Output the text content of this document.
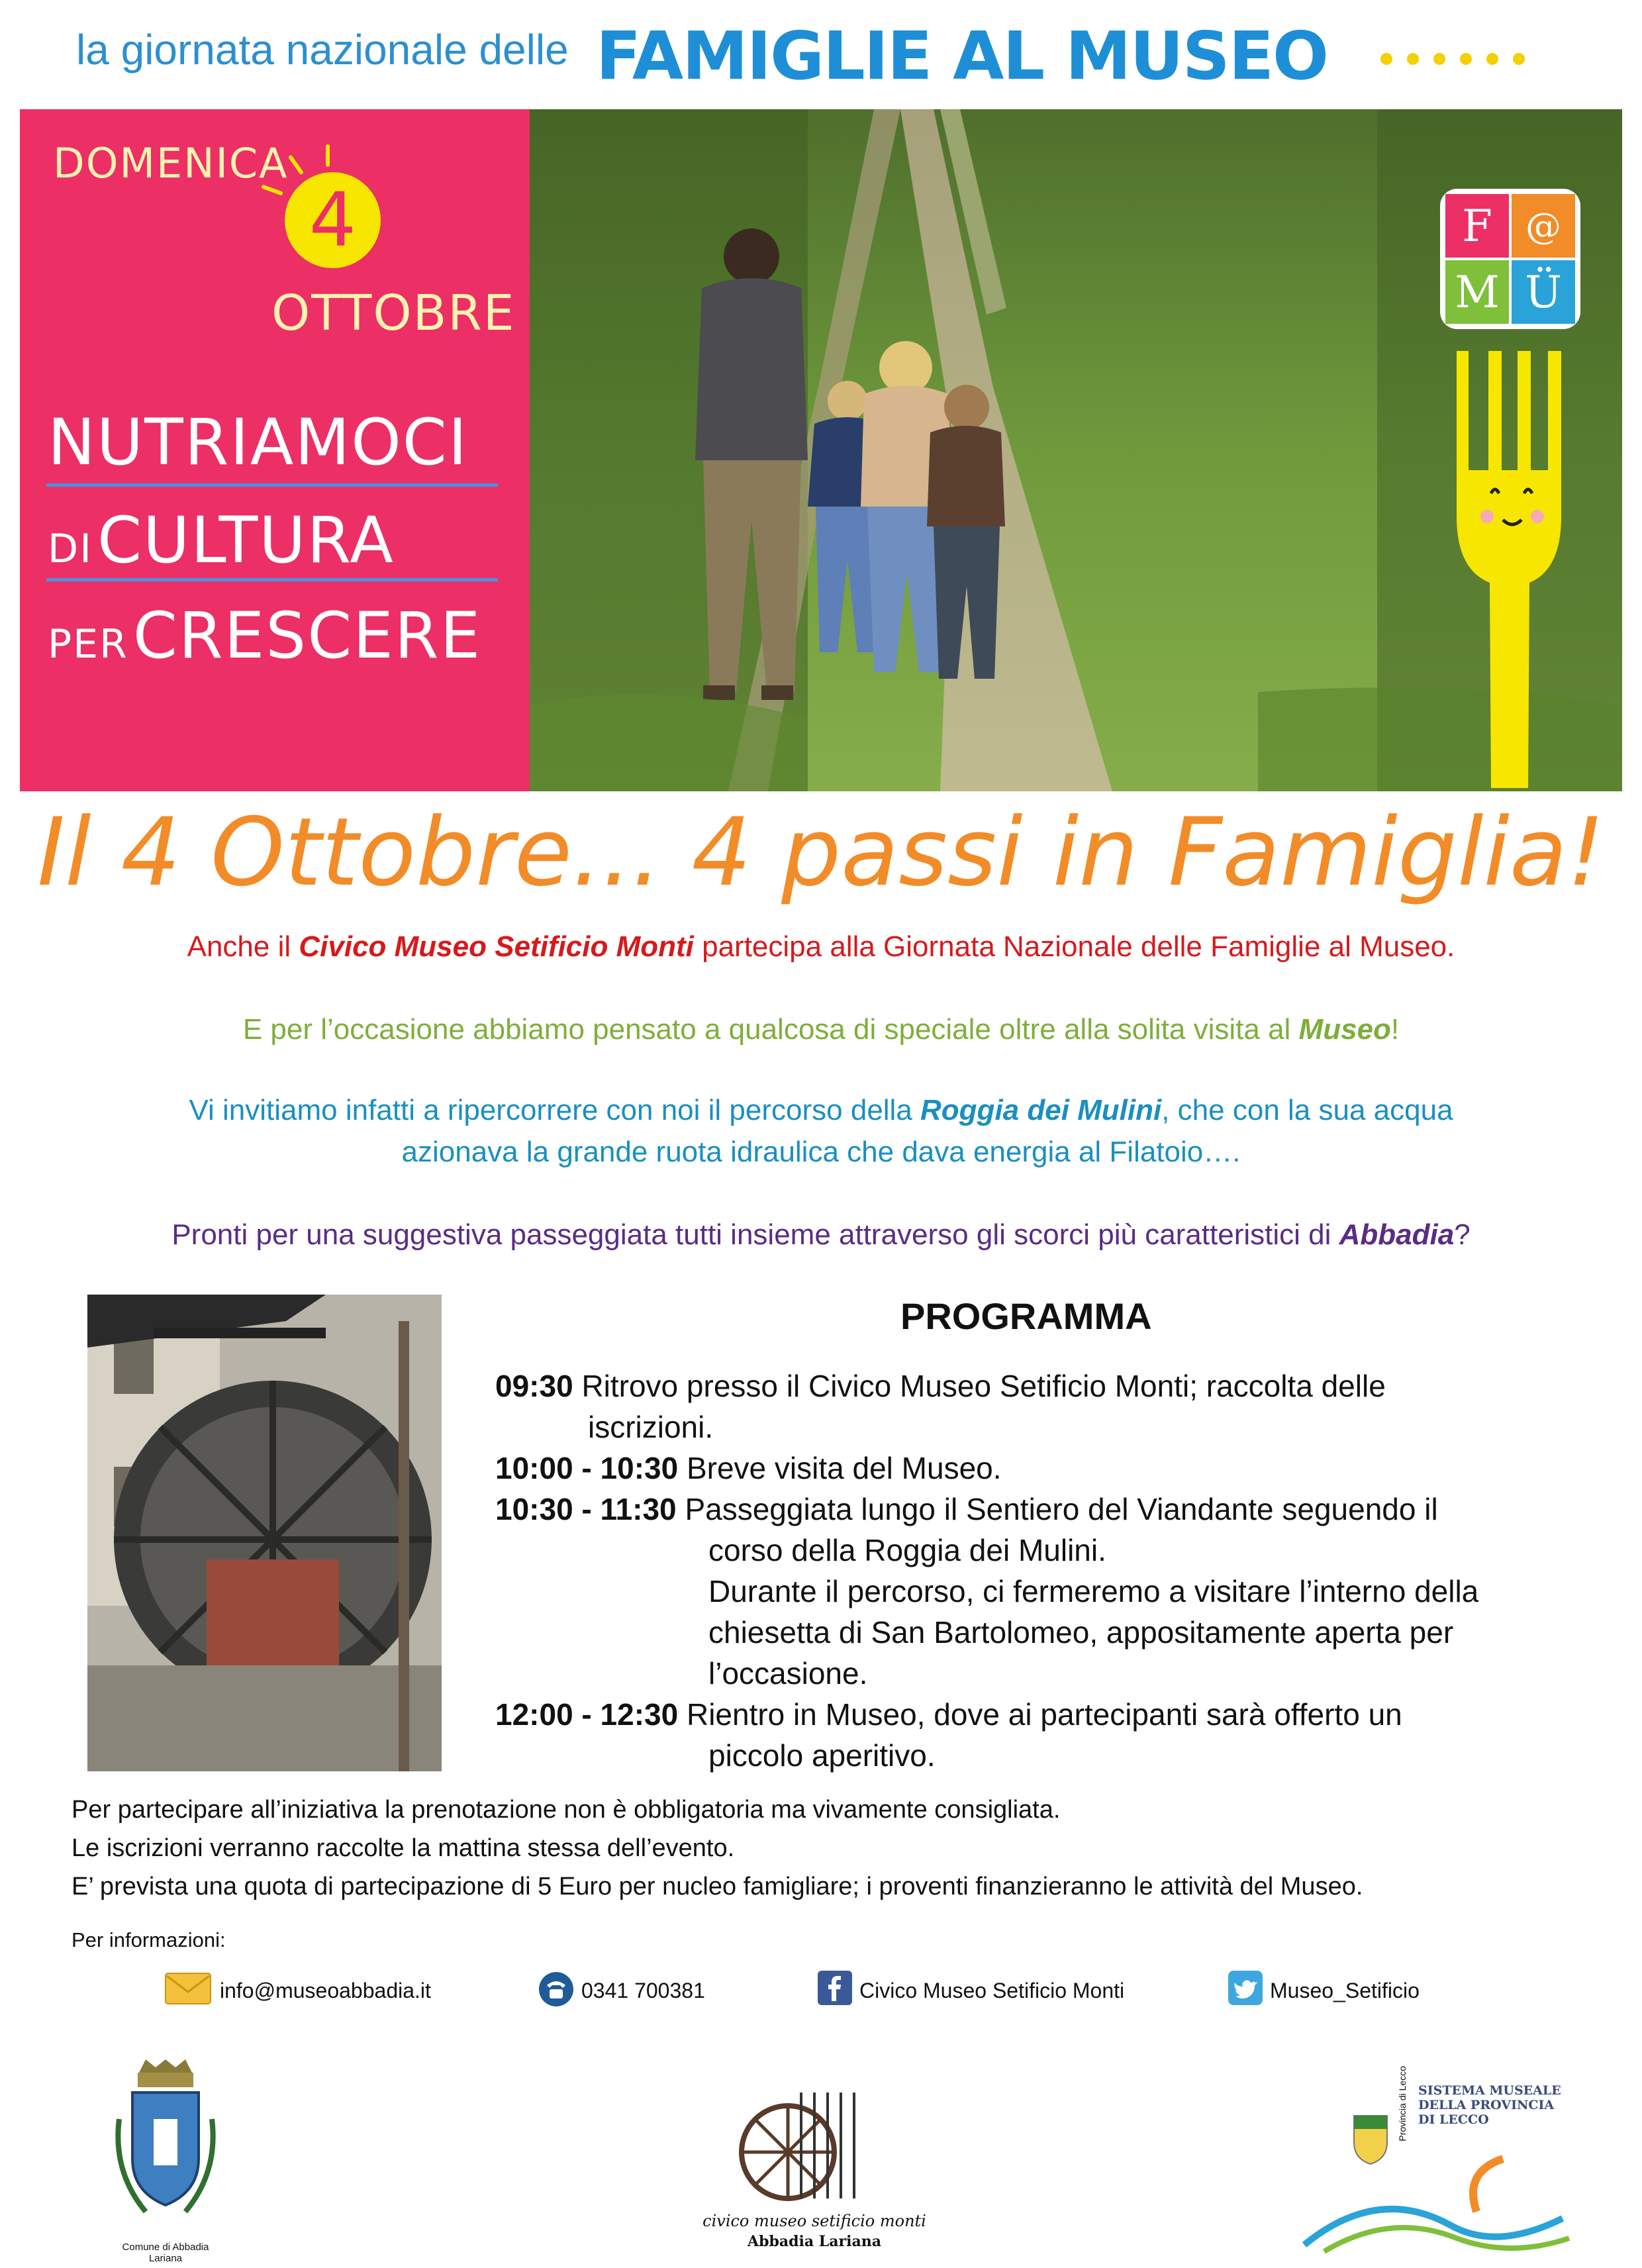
la giornata nazionale delle FAMIGLIE AL MUSEO
DOMENICA
4
OTTOBRE
NUTRIAMOCI
DI CULTURA
PER CRESCERE
F @
M Ü
Il 4 Ottobre... 4 passi in Famiglia!
Anche il Civico Museo Setificio Monti partecipa alla Giornata Nazionale delle Famiglie al Museo.
E per l’occasione abbiamo pensato a qualcosa di speciale oltre alla solita visita al Museo!
Vi invitiamo infatti a ripercorrere con noi il percorso della Roggia dei Mulini, che con la sua acqua
azionava la grande ruota idraulica che dava energia al Filatoio….
Pronti per una suggestiva passeggiata tutti insieme attraverso gli scorci più caratteristici di Abbadia?
PROGRAMMA
09:30 Ritrovo presso il Civico Museo Setificio Monti; raccolta delle
iscrizioni.
10:00 - 10:30 Breve visita del Museo.
10:30 - 11:30 Passeggiata lungo il Sentiero del Viandante seguendo il
corso della Roggia dei Mulini.
Durante il percorso, ci fermeremo a visitare l’interno della
chiesetta di San Bartolomeo, appositamente aperta per
l’occasione.
12:00 - 12:30 Rientro in Museo, dove ai partecipanti sarà offerto un
piccolo aperitivo.
Per partecipare all’iniziativa la prenotazione non è obbligatoria ma vivamente consigliata.
Le iscrizioni verranno raccolte la mattina stessa dell’evento.
E’ prevista una quota di partecipazione di 5 Euro per nucleo famigliare; i proventi finanzieranno le attività del Museo.
Per informazioni:
info@museoabbadia.it	0341 700381	Civico Museo Setificio Monti	Museo_Setificio
Comune di Abbadia Lariana
civico museo setificio monti
Abbadia Lariana
Provincia di Lecco SISTEMA MUSEALE
DELLA PROVINCIA
DI LECCO
